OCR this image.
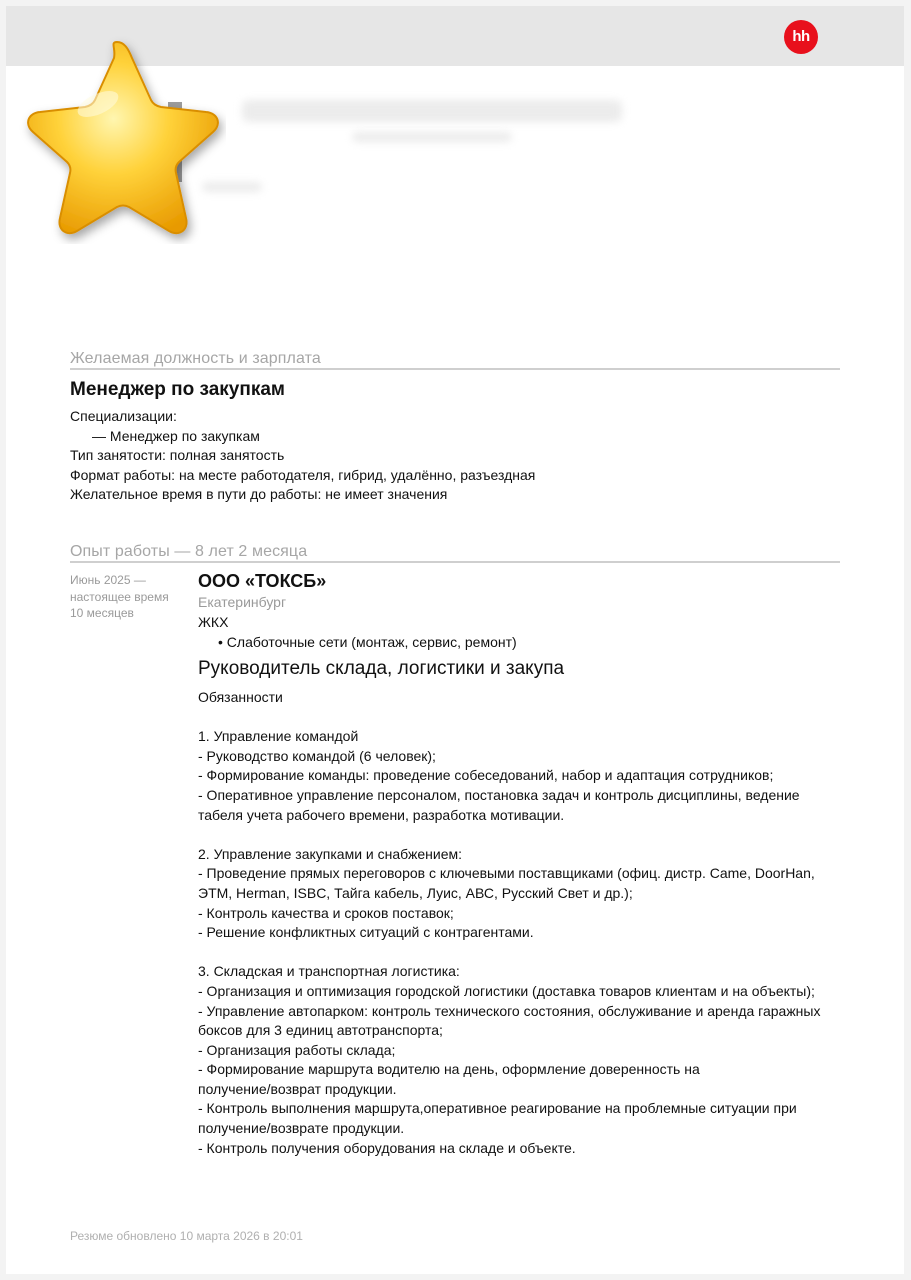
hh
Желаемая должность и зарплата
Менеджер по закупкам
Специализации:
— Менеджер по закупкам
Тип занятости: полная занятость
Формат работы: на месте работодателя, гибрид, удалённо, разъездная
Желательное время в пути до работы: не имеет значения
Опыт работы — 8 лет 2 месяца
Июнь 2025 —
настоящее время
10 месяцев
ООО «ТОКСБ»
Екатеринбург
ЖКХ
• Слаботочные сети (монтаж, сервис, ремонт)
Руководитель склада, логистики и закупа
Обязанности

1. Управление командой
- Руководство командой (6 человек);
- Формирование команды: проведение собеседований, набор и адаптация сотрудников;
- Оперативное управление персоналом, постановка задач и контроль дисциплины, ведение
табеля учета рабочего времени, разработка мотивации.

2. Управление закупками и снабжением:
- Проведение прямых переговоров с ключевыми поставщиками (офиц. дистр. Came, DoorHan,
ЭТМ, Herman, ISBC, Тайга кабель, Луис, АВС, Русский Свет и др.);
- Контроль качества и сроков поставок;
- Решение конфликтных ситуаций с контрагентами.

3. Складская и транспортная логистика:
- Организация и оптимизация городской логистики (доставка товаров клиентам и на объекты);
- Управление автопарком: контроль технического состояния, обслуживание и аренда гаражных
боксов для 3 единиц автотранспорта;
- Организация работы склада;
- Формирование маршрута водителю на день, оформление доверенность на
получение/возврат продукции.
- Контроль выполнения маршрута,оперативное реагирование на проблемные ситуации при
получение/возврате продукции.
- Контроль получения оборудования на складе и объекте.
Резюме обновлено 10 марта 2026 в 20:01
